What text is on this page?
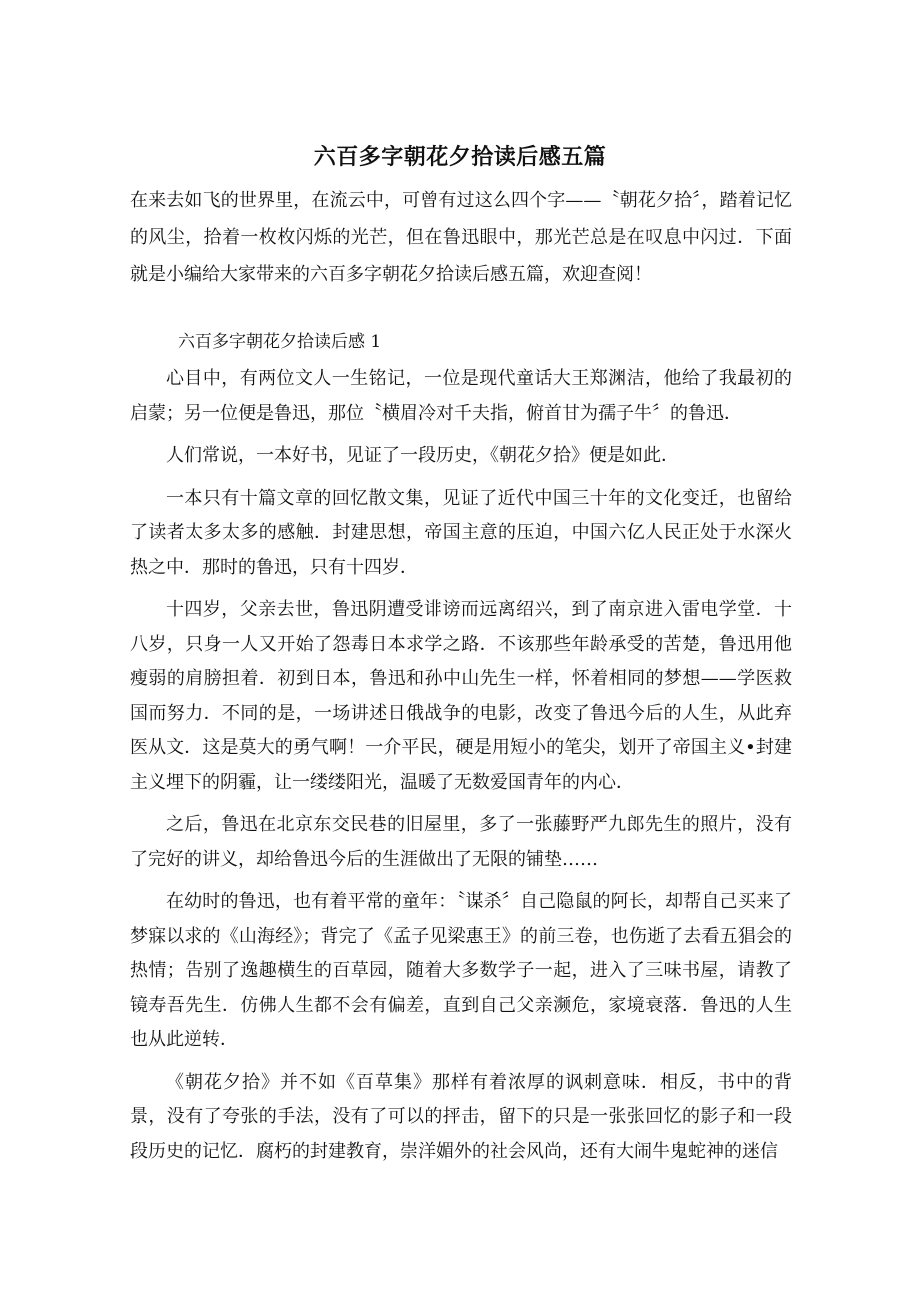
六百多字朝花夕拾读后感五篇

在来去如飞的世界里，在流云中，可曾有过这么四个字——〝朝花夕拾〞，踏着记忆的风尘，拾着一枚枚闪烁的光芒，但在鲁迅眼中，那光芒总是在叹息中闪过．下面就是小编给大家带来的六百多字朝花夕拾读后感五篇，欢迎查阅！

六百多字朝花夕拾读后感 1

心目中，有两位文人一生铭记，一位是现代童话大王郑渊洁，他给了我最初的启蒙；另一位便是鲁迅，那位〝横眉冷对千夫指，俯首甘为孺子牛〞的鲁迅．

人们常说，一本好书，见证了一段历史，《朝花夕拾》便是如此．

一本只有十篇文章的回忆散文集，见证了近代中国三十年的文化变迁，也留给了读者太多太多的感触．封建思想，帝国主意的压迫，中国六亿人民正处于水深火热之中．那时的鲁迅，只有十四岁．

十四岁，父亲去世，鲁迅阴遭受诽谤而远离绍兴，到了南京进入雷电学堂．十八岁，只身一人又开始了怨毒日本求学之路．不该那些年龄承受的苦楚，鲁迅用他瘦弱的肩膀担着．初到日本，鲁迅和孙中山先生一样，怀着相同的梦想——学医救国而努力．不同的是，一场讲述日俄战争的电影，改变了鲁迅今后的人生，从此弃医从文．这是莫大的勇气啊！一介平民，硬是用短小的笔尖，划开了帝国主义•封建主义埋下的阴霾，让一缕缕阳光，温暖了无数爱国青年的内心．

之后，鲁迅在北京东交民巷的旧屋里，多了一张藤野严九郎先生的照片，没有了完好的讲义，却给鲁迅今后的生涯做出了无限的铺垫……

在幼时的鲁迅，也有着平常的童年：〝谋杀〞自己隐鼠的阿长，却帮自己买来了梦寐以求的《山海经》；背完了《孟子见梁惠王》的前三卷，也伤逝了去看五猖会的热情；告别了逸趣横生的百草园，随着大多数学子一起，进入了三味书屋，请教了镜寿吾先生．仿佛人生都不会有偏差，直到自己父亲濒危，家境衰落．鲁迅的人生也从此逆转．

《朝花夕拾》并不如《百草集》那样有着浓厚的讽刺意味．相反，书中的背景，没有了夸张的手法，没有了可以的抨击，留下的只是一张张回忆的影子和一段段历史的记忆．腐朽的封建教育，崇洋媚外的社会风尚，还有大闹牛鬼蛇神的迷信
